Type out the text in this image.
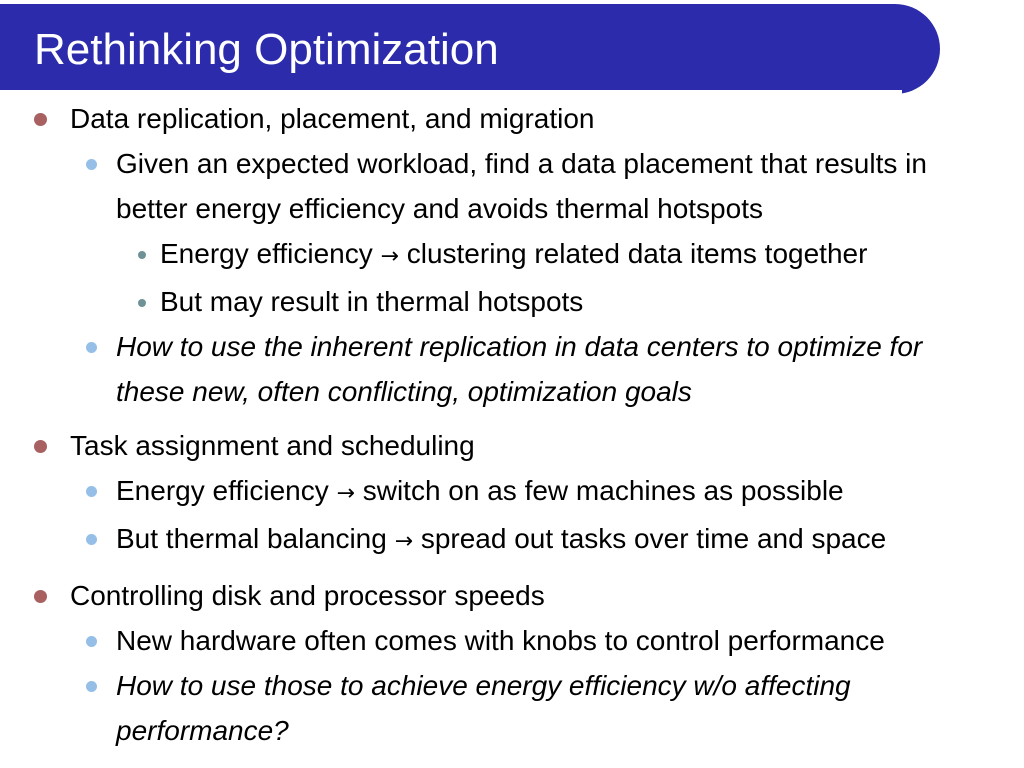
Rethinking Optimization
Data replication, placement, and migration
Given an expected workload, find a data placement that results in better energy efficiency and avoids thermal hotspots
Energy efficiency → clustering related data items together
But may result in thermal hotspots
How to use the inherent replication in data centers to optimize for these new, often conflicting, optimization goals
Task assignment and scheduling
Energy efficiency → switch on as few machines as possible
But thermal balancing → spread out tasks over time and space
Controlling disk and processor speeds
New hardware often comes with knobs to control performance
How to use those to achieve energy efficiency w/o affecting performance?
